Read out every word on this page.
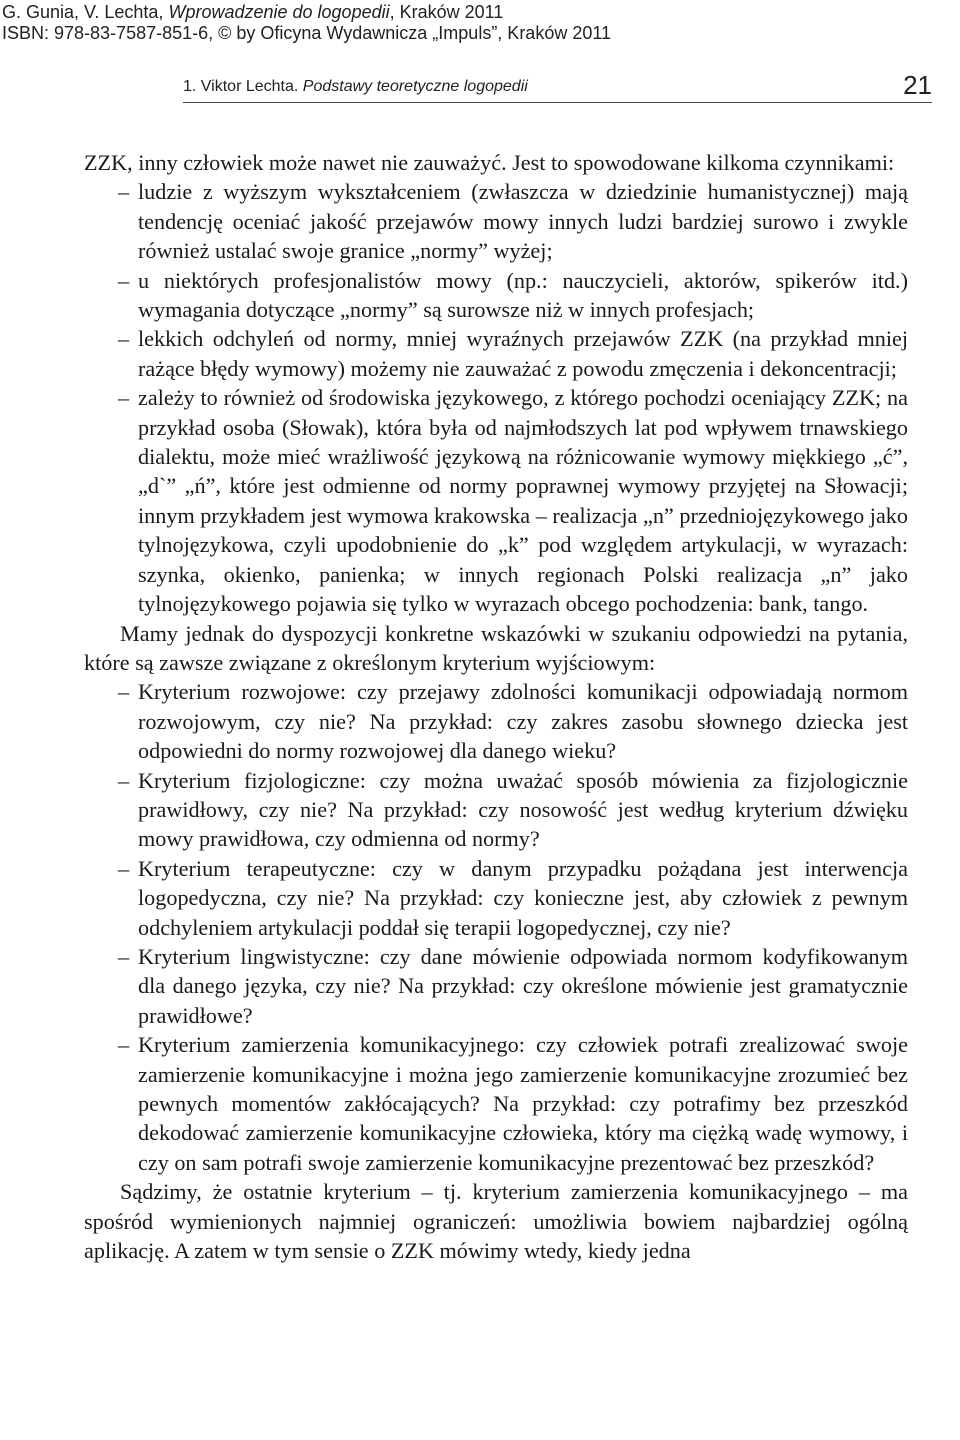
G. Gunia, V. Lechta, Wprowadzenie do logopedii, Kraków 2011
ISBN: 978-83-7587-851-6, © by Oficyna Wydawnicza „Impuls”, Kraków 2011
1. Viktor Lechta. Podstawy teoretyczne logopedii	21

ZZK, inny człowiek może nawet nie zauważyć. Jest to spowodowane kilkoma czynnikami:

– ludzie z wyższym wykształceniem (zwłaszcza w dziedzinie humanistycznej) mają tendencję oceniać jakość przejawów mowy innych ludzi bardziej surowo i zwykle również ustalać swoje granice „normy” wyżej;
– u niektórych profesjonalistów mowy (np.: nauczycieli, aktorów, spikerów itd.) wymagania dotyczące „normy” są surowsze niż w innych profesjach;
– lekkich odchyleń od normy, mniej wyraźnych przejawów ZZK (na przykład mniej rażące błędy wymowy) możemy nie zauważać z powodu zmęczenia i dekoncentracji;
– zależy to również od środowiska językowego, z którego pochodzi oceniający ZZK; na przykład osoba (Słowak), która była od najmłodszych lat pod wpływem trnawskiego dialektu, może mieć wrażliwość językową na różnicowanie wymowy miękkiego „ć”, „d`” „ń”, które jest odmienne od normy poprawnej wymowy przyjętej na Słowacji; innym przykładem jest wymowa krakowska – realizacja „n” przedniojęzykowego jako tylnojęzykowa, czyli upodobnienie do „k” pod względem artykulacji, w wyrazach: szynka, okienko, panienka; w innych regionach Polski realizacja „n” jako tylnojęzykowego pojawia się tylko w wyrazach obcego pochodzenia: bank, tango.

Mamy jednak do dyspozycji konkretne wskazówki w szukaniu odpowiedzi na pytania, które są zawsze związane z określonym kryterium wyjściowym:

– Kryterium rozwojowe: czy przejawy zdolności komunikacji odpowiadają normom rozwojowym, czy nie? Na przykład: czy zakres zasobu słownego dziecka jest odpowiedni do normy rozwojowej dla danego wieku?
– Kryterium fizjologiczne: czy można uważać sposób mówienia za fizjologicznie prawidłowy, czy nie? Na przykład: czy nosowość jest według kryterium dźwięku mowy prawidłowa, czy odmienna od normy?
– Kryterium terapeutyczne: czy w danym przypadku pożądana jest interwencja logopedyczna, czy nie? Na przykład: czy konieczne jest, aby człowiek z pewnym odchyleniem artykulacji poddał się terapii logopedycznej, czy nie?
– Kryterium lingwistyczne: czy dane mówienie odpowiada normom kodyfikowanym dla danego języka, czy nie? Na przykład: czy określone mówienie jest gramatycznie prawidłowe?
– Kryterium zamierzenia komunikacyjnego: czy człowiek potrafi zrealizować swoje zamierzenie komunikacyjne i można jego zamierzenie komunikacyjne zrozumieć bez pewnych momentów zakłócających? Na przykład: czy potrafimy bez przeszkód dekodować zamierzenie komunikacyjne człowieka, który ma ciężką wadę wymowy, i czy on sam potrafi swoje zamierzenie komunikacyjne prezentować bez przeszkód?

Sądzimy, że ostatnie kryterium – tj. kryterium zamierzenia komunikacyjnego – ma spośród wymienionych najmniej ograniczeń: umożliwia bowiem najbardziej ogólną aplikację. A zatem w tym sensie o ZZK mówimy wtedy, kiedy jedna
